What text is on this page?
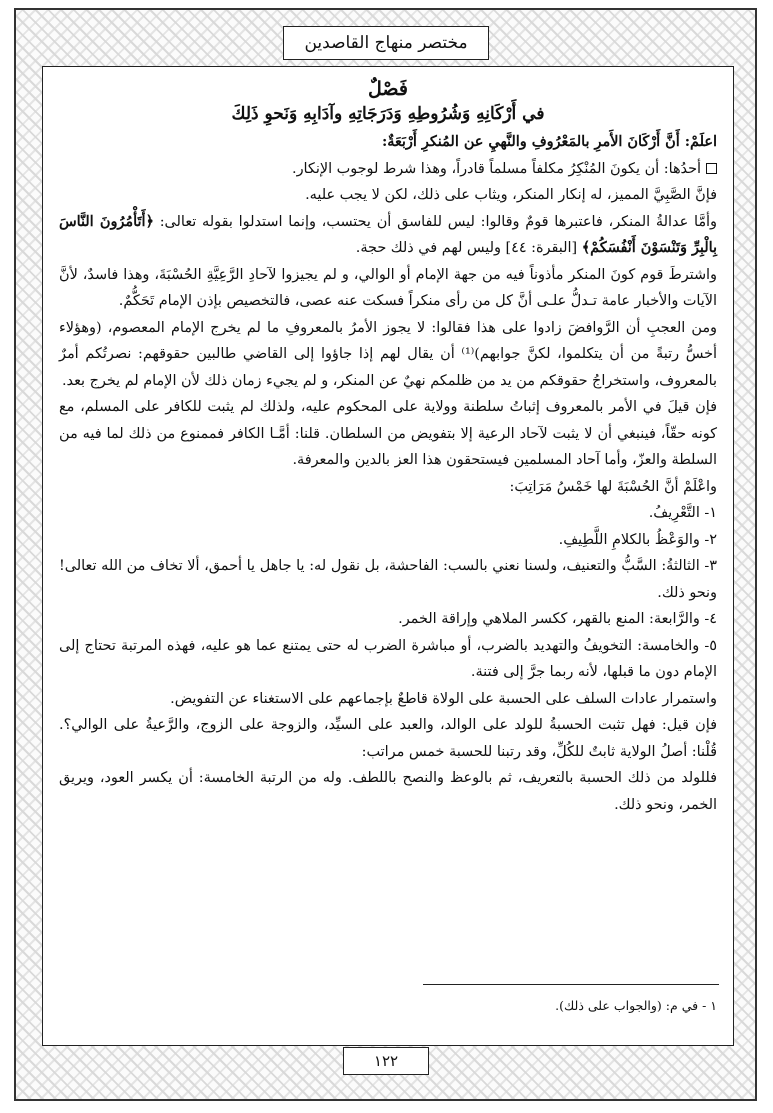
مختصر منهاج القاصدين

فَصْلٌ

في أَرْكَانِهِ وَشُرُوطِهِ وَدَرَجَاتِهِ وآدَابِهِ وَنَحوِ ذَلِكَ

اعلَمْ: أَنَّ أَرْكَانَ الأَمرِ بالمَعْرُوفِ والنَّهيِ عن المُنكرِ أَرْبَعَةٌ:

أحدُها: أن يكونَ المُنْكِرُ مكلفاً مسلماً قادراً، وهذا شرط لوجوب الإنكار.

فإنَّ الصَّبِيَّ المميز، له إنكار المنكر، ويثاب على ذلك، لكن لا يجب عليه.

وأمَّا عدالةُ المنكر، فاعتبرها قومٌ وقالوا: ليس للفاسق أن يحتسب، وإنما استدلوا بقوله تعالى: ﴿أَتَأْمُرُونَ النَّاسَ بِالْبِرِّ وَتَنْسَوْنَ أَنْفُسَكُمْ﴾ [البقرة: ٤٤] وليس لهم في ذلك حجة.

واشترطَ قوم كونَ المنكر مأذوناً فيه من جهة الإمام أو الوالي، و لم يجيزوا لآحادِ الرَّعِيَّةِ الحُسْبَةَ، وهذا فاسدٌ، لأنَّ الآيات والأخبار عامة تـدلُّ علـى أنَّ كل من رأى منكراً فسكت عنه عصى، فالتخصيص بإذن الإمام تَحَكُّمٌ.

ومن العجبِ أن الرَّوافضَ زادوا على هذا فقالوا: لا يجوز الأمرُ بالمعروفِ ما لم يخرج الإمام المعصوم، (وهؤلاء أخسُّ رتبةً من أن يتكلموا، لكنَّ جوابهم)⁽¹⁾ أن يقال لهم إذا جاؤوا إلى القاضي طالبين حقوقهم: نصرتُكم أمرٌ بالمعروف، واستخراجُ حقوقكم من يد من ظلمكم نهيٌ عن المنكر، و لم يجيء زمان ذلك لأن الإمام لم يخرج بعد.

فإن قيلَ في الأمر بالمعروف إثباتُ سلطنة وولاية على المحكوم عليه، ولذلك لم يثبت للكافر على المسلم، مع كونه حقّاً، فينبغي أن لا يثبت لآحاد الرعية إلا بتفويض من السلطان. قلنا: أمَّـا الكافر فممنوع من ذلك لما فيه من السلطة والعزّ، وأما آحاد المسلمين فيستحقون هذا العز بالدين والمعرفة.

واعْلَمْ أنَّ الحُسْبَةَ لها خَمْسُ مَرَاتِبَ:

١- التَّعْرِيفُ.

٢- والوَعْظُ بالكلامِ اللَّطِيفِ.

٣- الثالثةُ: السَّبُّ والتعنيف، ولسنا نعني بالسب: الفاحشة، بل نقول له: يا جاهل يا أحمق، ألا تخاف من الله تعالى! ونحو ذلك.

٤- والرَّابعة: المنع بالقهر، ككسر الملاهي وإراقة الخمر.

٥- والخامسة: التخويفُ والتهديد بالضرب، أو مباشرة الضرب له حتى يمتنع عما هو عليه، فهذه المرتبة تحتاج إلى الإمام دون ما قبلها، لأنه ربما جرَّ إلى فتنة.

واستمرار عادات السلف على الحسبة على الولاة قاطعٌ بإجماعهم على الاستغناء عن التفويض.

فإن قيل: فهل تثبت الحسبةُ للولد على الوالد، والعبد على السيِّد، والزوجة على الزوج، والرَّعيةُ على الوالي؟. قُلْنا: أصلُ الولاية ثابتٌ للكُلِّ، وقد رتبنا للحسبة خمس مراتب:

فللولد من ذلك الحسبة بالتعريف، ثم بالوعظ والنصح باللطف. وله من الرتبة الخامسة: أن يكسر العود، ويريق الخمر، ونحو ذلك.

١ - في م: (والجواب على ذلك).
١٢٢
